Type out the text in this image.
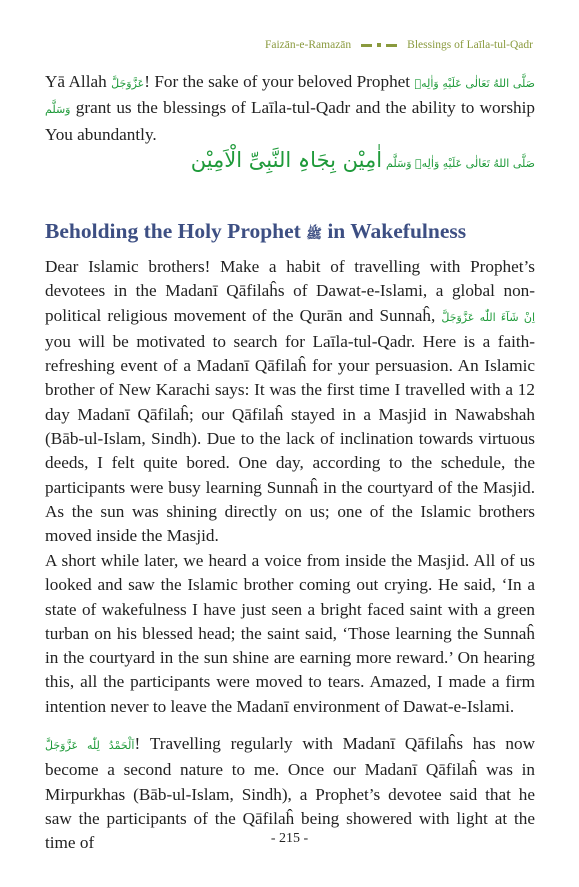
Faizān-e-Ramazān	Blessings of Laīla-tul-Qadr

Yā Allah عَزَّوَجَلَّ! For the sake of your beloved Prophet صَلَّى اللهُ تَعَالٰى عَلَيْهِ وَاٰلِهٖ وَسَلَّم grant us the blessings of Laīla-tul-Qadr and the ability to worship You abundantly.

اٰمِیْن بِجَاہِ النَّبِیِّ الْاَمِیْن صَلَّى اللهُ تَعَالٰى عَلَيْهِ وَاٰلِهٖ وَسَلَّم
Beholding the Holy Prophet ﷺ in Wakefulness

Dear Islamic brothers! Make a habit of travelling with Prophet’s devotees in the Madanī Qāfilaĥs of Dawat-e-Islami, a global non-political religious movement of the Qurān and Sunnaĥ, اِنْ شَآءَ اللّٰه عَزَّوَجَلَّ you will be motivated to search for Laīla-tul-Qadr. Here is a faith-refreshing event of a Madanī Qāfilaĥ for your persuasion. An Islamic brother of New Karachi says: It was the first time I travelled with a 12 day Madanī Qāfilaĥ; our Qāfilaĥ stayed in a Masjid in Nawabshah (Bāb-ul-Islam, Sindh). Due to the lack of inclination towards virtuous deeds, I felt quite bored. One day, according to the schedule, the participants were busy learning Sunnaĥ in the courtyard of the Masjid. As the sun was shining directly on us; one of the Islamic brothers moved inside the Masjid.

A short while later, we heard a voice from inside the Masjid. All of us looked and saw the Islamic brother coming out crying. He said, ‘In a state of wakefulness I have just seen a bright faced saint with a green turban on his blessed head; the saint said, ‘Those learning the Sunnaĥ in the courtyard in the sun shine are earning more reward.’ On hearing this, all the participants were moved to tears. Amazed, I made a firm intention never to leave the Madanī environment of Dawat-e-Islami.

اَلْحَمْدُ لِلّٰه عَزَّوَجَلَّ! Travelling regularly with Madanī Qāfilaĥs has now become a second nature to me. Once our Madanī Qāfilaĥ was in Mirpurkhas (Bāb-ul-Islam, Sindh), a Prophet’s devotee said that he saw the participants of the Qāfilaĥ being showered with light at the time of	- 215 -
